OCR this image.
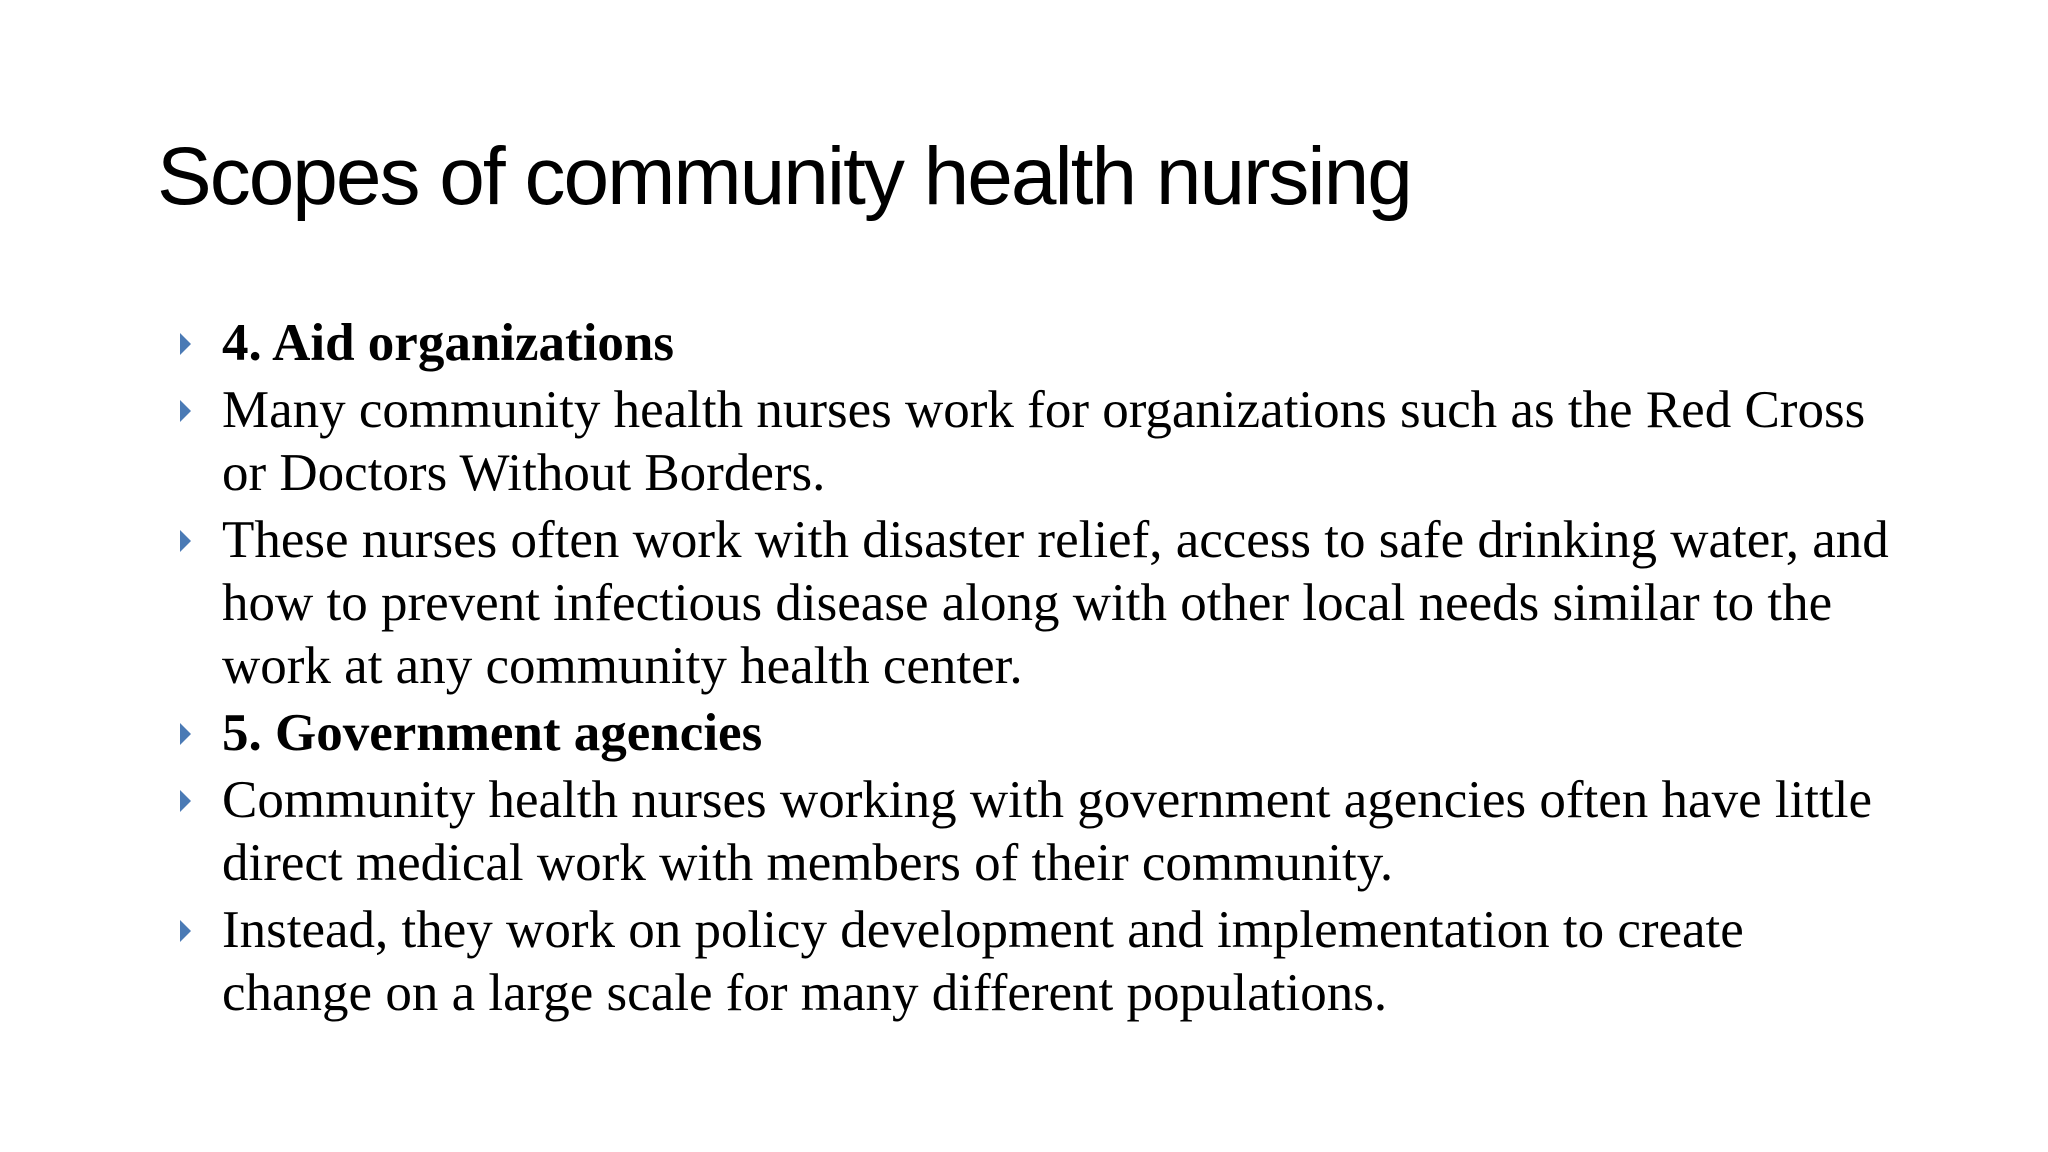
Scopes of community health nursing
4. Aid organizations
Many community health nurses work for organizations such as the Red Cross or Doctors Without Borders.
These nurses often work with disaster relief, access to safe drinking water, and how to prevent infectious disease along with other local needs similar to the work at any community health center.
5. Government agencies
Community health nurses working with government agencies often have little direct medical work with members of their community.
Instead, they work on policy development and implementation to create change on a large scale for many different populations.
